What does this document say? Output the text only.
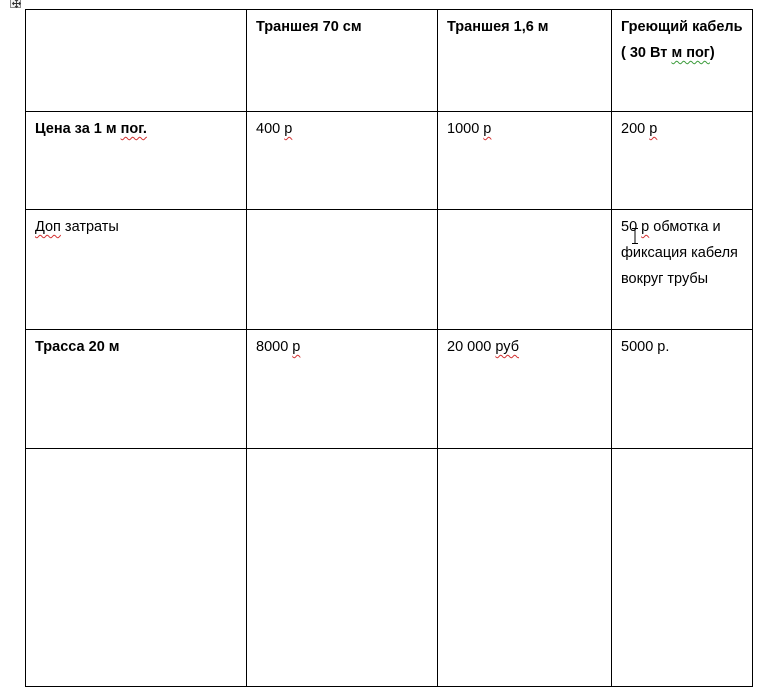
	Траншея 70 см	Траншея 1,6 м	Греющий кабель ( 30 Вт м пог)
Цена за 1 м пог.	400 р	1000 р	200 р
Доп затраты			50 р обмотка и фиксация кабеля вокруг трубы
Трасса 20 м	8000 р	20 000 руб	5000 р.
